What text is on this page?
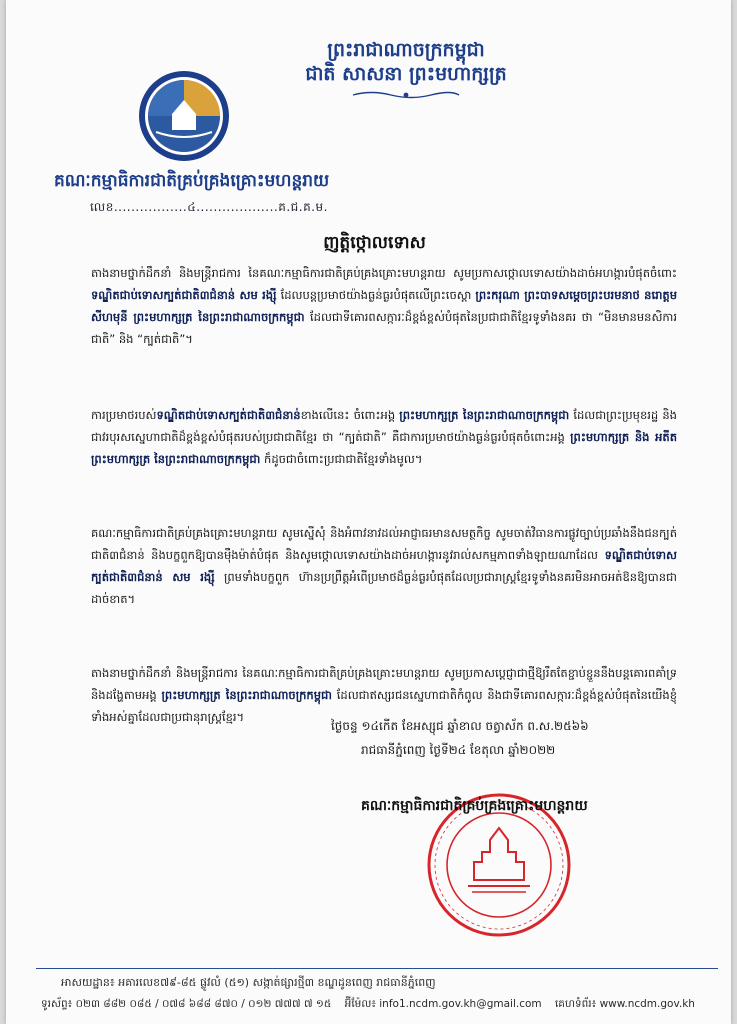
ព្រះរាជាណាចក្រកម្ពុជា
ជាតិ សាសនា ព្រះមហាក្សត្រ
គណៈកម្មាធិការជាតិគ្រប់គ្រងគ្រោះមហន្តរាយ
លេខ.................៤...................គ.ជ.គ.ម.
ញត្តិថ្កោលទោស
តាងនាមថ្នាក់ដឹកនាំ និងមន្ត្រីរាជការ នៃគណៈកម្មាធិការជាតិគ្រប់គ្រងគ្រោះមហន្តរាយ សូមប្រកាសថ្កោលទោសយ៉ាងដាច់អហង្ការបំផុតចំពោះ ទណ្ឌិតជាប់ទោសក្បត់ជាតិ៣ជំនាន់ សម រង្ស៊ី ដែលបន្តប្រមាថយ៉ាងធ្ងន់ធ្ងរបំផុតលើព្រះចេស្តា ព្រះករុណា ព្រះបាទសម្តេចព្រះបរមនាថ នរោត្តម សីហមុនី ព្រះមហាក្សត្រ នៃព្រះរាជាណាចក្រកម្ពុជា ដែលជាទីគោរពសក្ការៈដ៏ខ្ពង់ខ្ពស់បំផុតនៃប្រជាជាតិខ្មែរទូទាំងនគរ ថា “មិនមានមនសិការជាតិ” និង “ក្បត់ជាតិ”។
ការប្រមាថរបស់ទណ្ឌិតជាប់ទោសក្បត់ជាតិ៣ជំនាន់ខាងលើនេះ ចំពោះអង្គ ព្រះមហាក្សត្រ នៃព្រះរាជាណាចក្រកម្ពុជា ដែលជាព្រះប្រមុខរដ្ឋ និងជាវរបុរសស្នេហាជាតិដ៏ខ្ពង់ខ្ពស់បំផុតរបស់ប្រជាជាតិខ្មែរ ថា “ក្បត់ជាតិ” គឺជាការប្រមាថយ៉ាងធ្ងន់ធ្ងរបំផុតចំពោះអង្គ ព្រះមហាក្សត្រ និង អតីតព្រះមហាក្សត្រ នៃព្រះរាជាណាចក្រកម្ពុជា ក៏ដូចជាចំពោះប្រជាជាតិខ្មែរទាំងមូល។
គណៈកម្មាធិការជាតិគ្រប់គ្រងគ្រោះមហន្តរាយ សូមស្នើសុំ និងអំពាវនាវដល់អាជ្ញាធរមានសមត្ថកិច្ច សូមចាត់វិធានការផ្លូវច្បាប់ប្រឆាំងនឹងជនក្បត់ជាតិ៣ជំនាន់ និងបក្ខពួកឱ្យបានម៉ឺងម៉ាត់បំផុត និងសូមថ្កោលទោសយ៉ាងដាច់អហង្ការនូវរាល់សកម្មភាពទាំងឡាយណាដែល ទណ្ឌិតជាប់ទោសក្បត់ជាតិ៣ជំនាន់ សម រង្ស៊ី ព្រមទាំងបក្ខពួក ហ៊ានប្រព្រឹត្តអំពើប្រមាថដ៏ធ្ងន់ធ្ងរបំផុតដែលប្រជារាស្ត្រខ្មែរទូទាំងនគរមិនអាចអត់ឱនឱ្យបានជាដាច់ខាត។
តាងនាមថ្នាក់ដឹកនាំ និងមន្ត្រីរាជការ នៃគណៈកម្មាធិការជាតិគ្រប់គ្រងគ្រោះមហន្តរាយ សូមប្រកាសប្តេជ្ញាជាថ្មីឱ្យរឹតតែខ្ជាប់ខ្ជួននឹងបន្តគោរពគាំទ្រ និងដង្ហែតាមអង្គ ព្រះមហាក្សត្រ នៃព្រះរាជាណាចក្រកម្ពុជា ដែលជាឥស្សរជនស្នេហាជាតិកំពូល និងជាទីគោរពសក្ការៈដ៏ខ្ពង់ខ្ពស់បំផុតនៃយើងខ្ញុំទាំងអស់គ្នាដែលជាប្រជានុរាស្ត្រខ្មែរ។
ថ្ងៃចន្ទ ១៤កើត ខែអស្សុជ ឆ្នាំខាល ចត្វាស័ក ព.ស.២៥៦៦
រាជធានីភ្នំពេញ ថ្ងៃទី២៤ ខែតុលា ឆ្នាំ២០២២
គណៈកម្មាធិការជាតិគ្រប់គ្រងគ្រោះមហន្តរាយ
អាសយដ្ឋាន៖ អគារលេខ៧៩-៨៥ ផ្លូវលំ (៥១) សង្កាត់ផ្សារថ្មី៣ ខណ្ឌដូនពេញ រាជធានីភ្នំពេញ
ទូរស័ព្ទ៖ ០២៣ ៨៨២ ០៨៥ / ០៧៨ ៦៨៨ ៨៧០ / ០១២ ៧៧៧ ៧ ១៥ អ៊ីម៉ែល៖ info1.ncdm.gov.kh@gmail.com គេហទំព័រ៖ www.ncdm.gov.kh
